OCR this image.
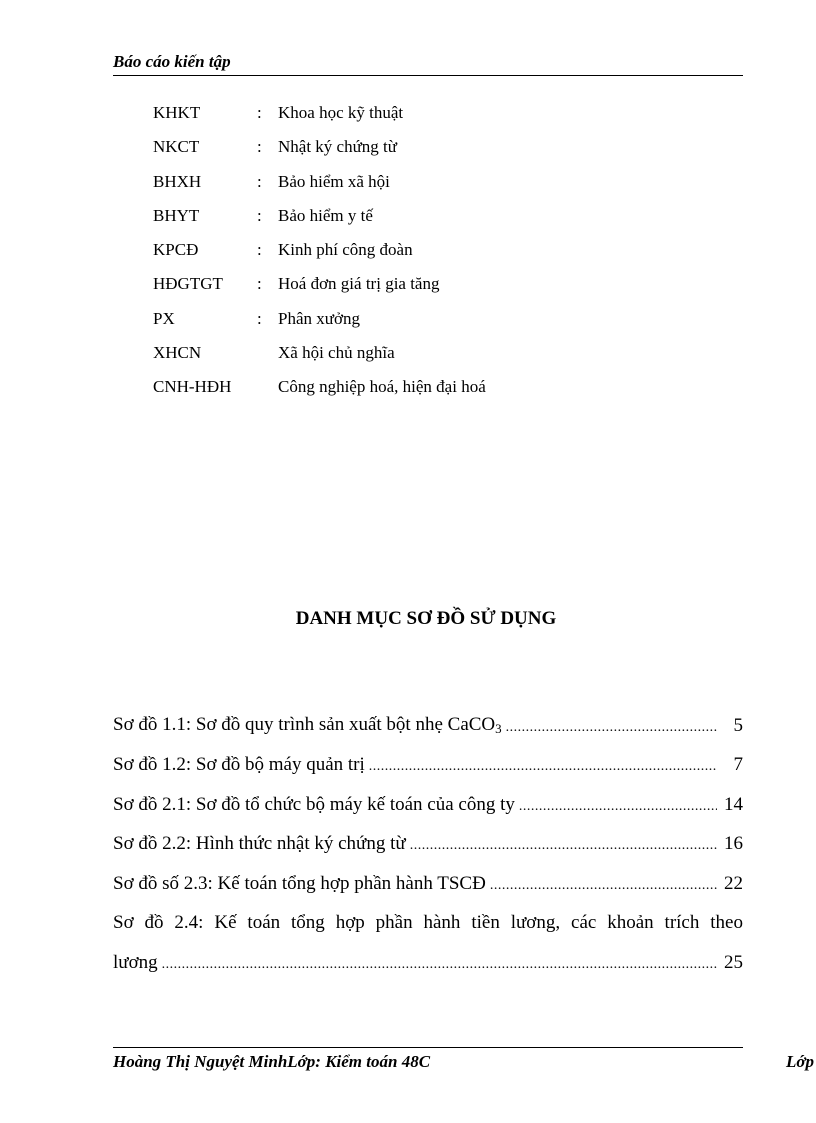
Báo cáo kiến tập
KHKT	: Khoa học kỹ thuật
NKCT	: Nhật ký chứng từ
BHXH	: Bảo hiểm xã hội
BHYT	: Bảo hiểm y tế
KPCĐ	: Kinh phí công đoàn
HĐGTGT : Hoá đơn giá trị gia tăng
PX	: Phân xưởng
XHCN	Xã hội chủ nghĩa
CNH-HĐH	Công nghiệp hoá, hiện đại hoá
DANH MỤC SƠ ĐỒ SỬ DỤNG
Sơ đồ 1.1: Sơ đồ quy trình sản xuất bột nhẹ CaCO$_3$ .....	5
Sơ đồ 1.2: Sơ đồ bộ máy quản trị .....	7
Sơ đồ 2.1: Sơ đồ tổ chức bộ máy kế toán của công ty .....	14
Sơ đồ 2.2: Hình thức nhật ký chứng từ .....	16
Sơ đồ số 2.3: Kế toán tổng hợp phần hành TSCĐ .....	22
Sơ đồ 2.4: Kế toán tổng hợp phần hành tiền lương, các khoản trích theo
lương .....	25
Hoàng Thị Nguyệt MinhLớp: Kiểm toán 48C	Lớp
